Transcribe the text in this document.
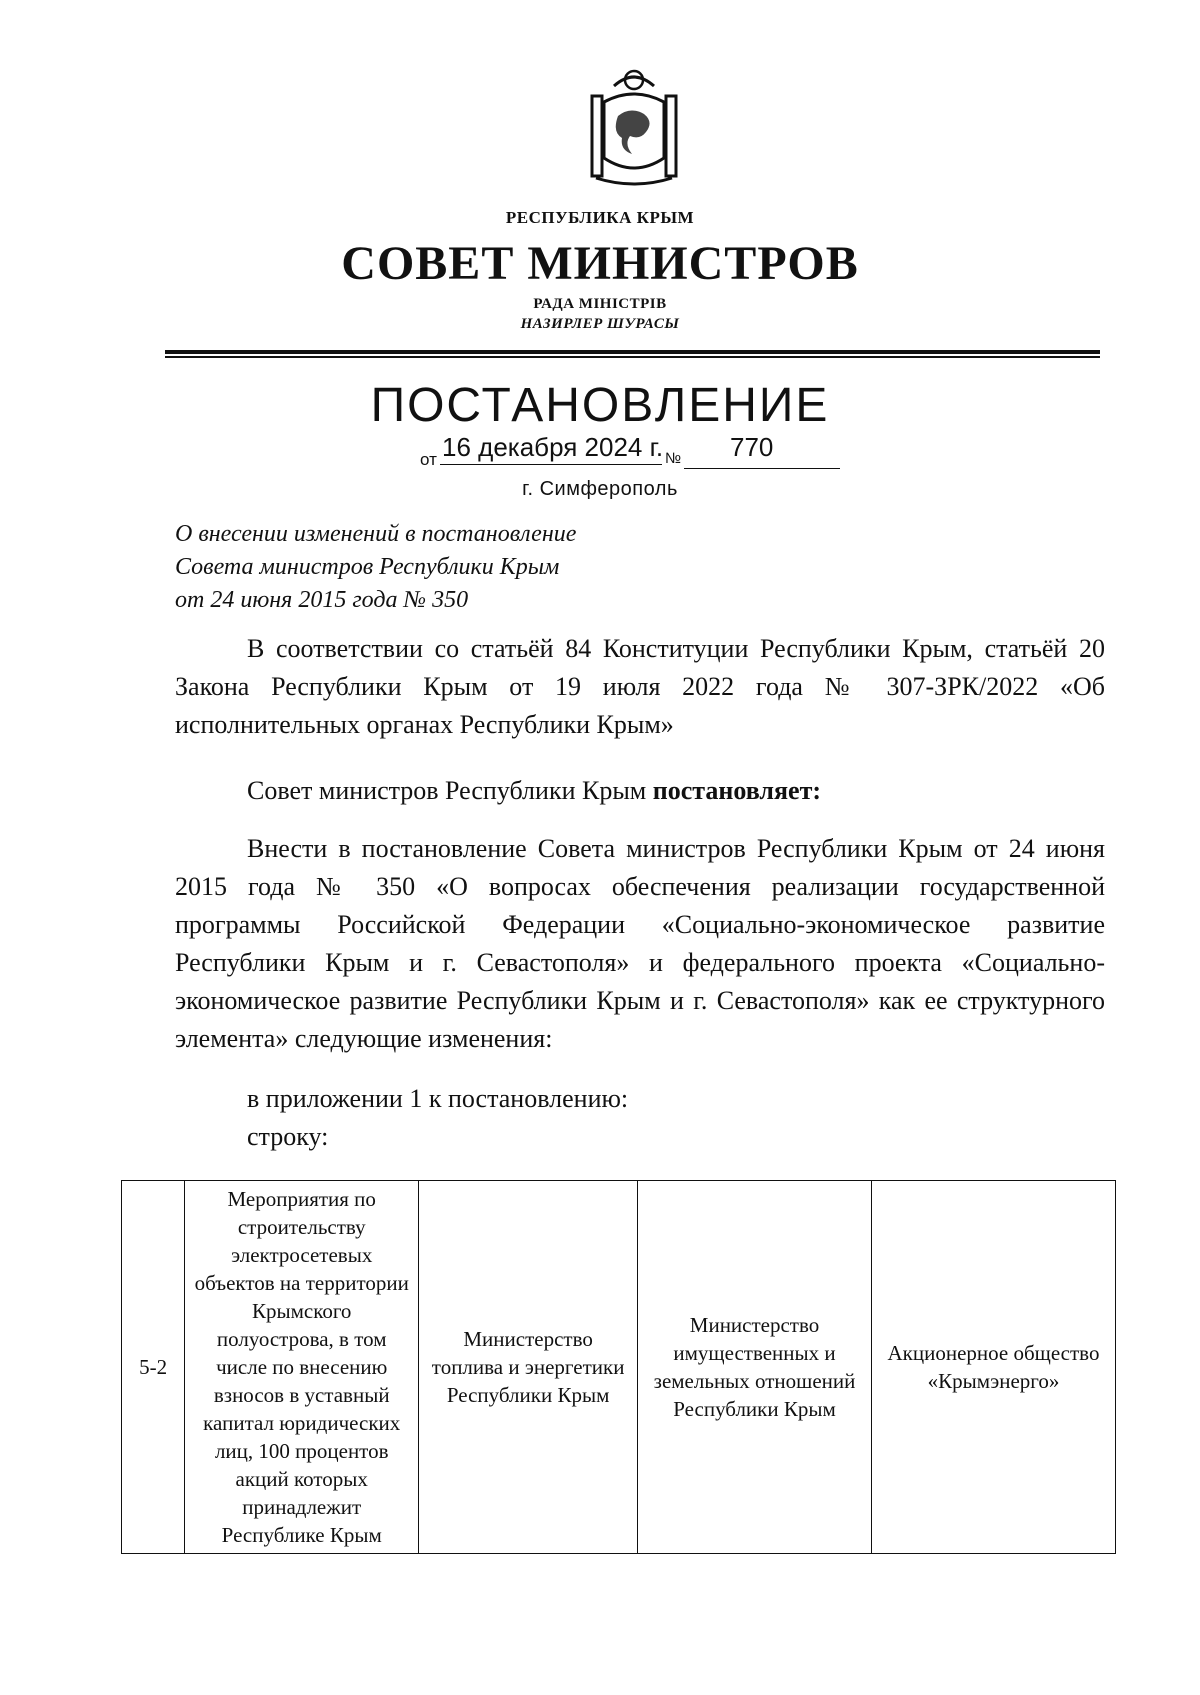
РЕСПУБЛИКА КРЫМ
СОВЕТ МИНИСТРОВ
РАДА МІНІСТРІВ
НАЗИРЛЕР ШУРАСЫ
ПОСТАНОВЛЕНИЕ
от 16 декабря 2024 г. № 770
г. Симферополь
О внесении изменений в постановление
Совета министров Республики Крым
от 24 июня 2015 года № 350
В соответствии со статьёй 84 Конституции Республики Крым, статьёй 20 Закона Республики Крым от 19 июля 2022 года № 307-ЗРК/2022 «Об исполнительных органах Республики Крым»
Совет министров Республики Крым постановляет:
Внести в постановление Совета министров Республики Крым от 24 июня 2015 года № 350 «О вопросах обеспечения реализации государственной программы Российской Федерации «Социально-экономическое развитие Республики Крым и г. Севастополя» и федерального проекта «Социально-экономическое развитие Республики Крым и г. Севастополя» как ее структурного элемента» следующие изменения:
в приложении 1 к постановлению:
строку:
5-2	Мероприятия по строительству электросетевых объектов на территории Крымского полуострова, в том числе по внесению взносов в уставный капитал юридических лиц, 100 процентов акций которых принадлежит Республике Крым	Министерство топлива и энергетики Республики Крым	Министерство имущественных и земельных отношений Республики Крым	Акционерное общество «Крымэнерго»
